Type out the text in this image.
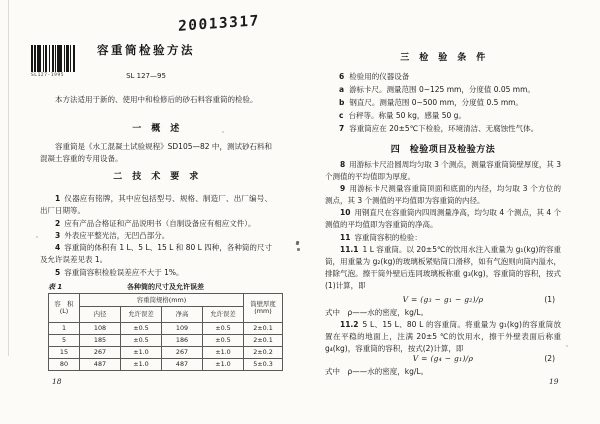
SL127-1995
20013317
容重筒检验方法
SL 127—95

本方法适用于新的、使用中和检修后的砂石料容重筒的检验。

一　概　述

容重筒是《水工混凝土试验规程》SD105—82 中，测试砂石料和混凝土容重的专用设备。

二　技　术　要　求

1 仪器应有铭牌，其中应包括型号、规格、制造厂、出厂编号、出厂日期等。

2 应有产品合格证和产品说明书（自制设备应有相应文件）。

3 外表应平整光洁，无凹凸部分。

4 容重筒的体积有 1 L、5 L、15 L 和 80 L 四种，各种筒的尺寸及允许误差见表 1。

5 容重筒容积检验误差应不大于 1%。

表 1	各种筒的尺寸及允许误差
容　积
(L)	容重筒规格(mm)				筒壁厚度
(mm)
	内径	允许误差	净高	允许误差	
1	108	±0.5	109	±0.5	2±0.1
5	185	±0.5	186	±0.5	2±0.1
15	267	±1.0	267	±1.0	2±0.2
80	487	±1.0	487	±1.0	5±0.3
18
三　检　验　条　件

6 检验用的仪器设备

a 游标卡尺。测量范围 0~125 mm，分度值 0.05 mm。

b 钢直尺。测量范围 0~500 mm，分度值 0.5 mm。

c 台秤等。称量 50 kg，感量 50 g。

7 容重筒应在 20±5℃下检验，环境清洁、无腐蚀性气体。

四　检验项目及检验方法

8 用游标卡尺沿圆周均匀取 3 个测点，测量容重筒筒壁厚度，其 3 个测值的平均值即为厚度。

9 用游标卡尺测量容重筒顶面和底面的内径，均匀取 3 个方位的测点，其 3 个测值的平均值即为容重筒的内径。

10 用钢直尺在容重筒内四周测量净高，均匀取 4 个测点，其 4 个测值的平均值即为容重筒的净高。

11 容重筒容积的检验：

11.1 1 L 容重筒。以 20±5℃的饮用水注入重量为 g₁(kg)的容重筒，用重量为 g₂(kg)的玻璃板紧贴筒口滑移，如有气泡则向筒内溢水，排除气泡。擦干筒外壁后连同玻璃板称重 g₃(kg)，容重筒的容积，按式(1)计算，即

V = (g₃ − g₁ − g₂)/ρ	(1)
式中　ρ——水的密度，kg/L。

11.2 5 L、15 L、80 L 的容重筒。将重量为 g₁(kg)的容重筒放置在平稳的地面上，注满 20±5 ℃的饮用水，擦干外壁表面后称重 g₄(kg)，容重筒的容积，按式(2)计算，即

V = (g₄ − g₁)/ρ	(2)
式中　ρ——水的密度，kg/L。
19
